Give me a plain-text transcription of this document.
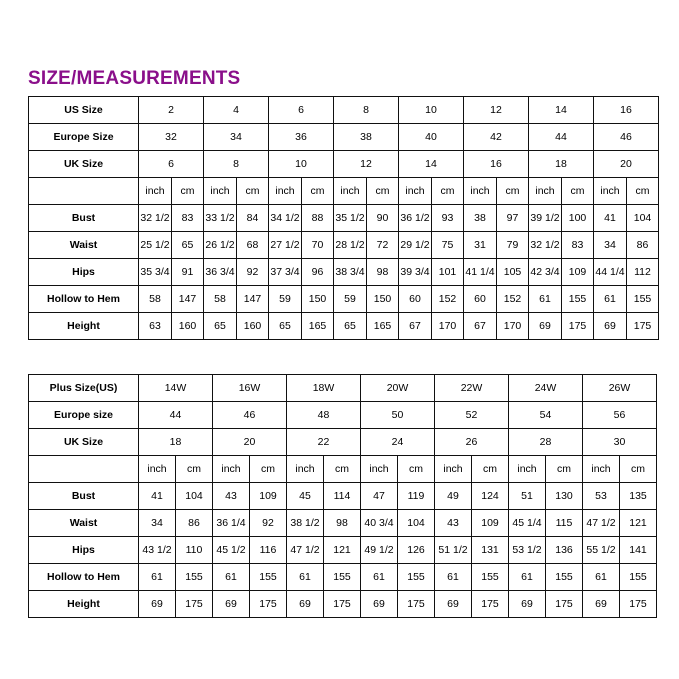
SIZE/MEASUREMENTS
US Size	2		4		6		8		10		12		14		16	
Europe Size	32		34		36		38		40		42		44		46	
UK Size	6		8		10		12		14		16		18		20	
	inch	cm	inch	cm	inch	cm	inch	cm	inch	cm	inch	cm	inch	cm	inch	cm
Bust	32 1/2	83	33 1/2	84	34 1/2	88	35 1/2	90	36 1/2	93	38	97	39 1/2	100	41	104
Waist	25 1/2	65	26 1/2	68	27 1/2	70	28 1/2	72	29 1/2	75	31	79	32 1/2	83	34	86
Hips	35 3/4	91	36 3/4	92	37 3/4	96	38 3/4	98	39 3/4	101	41 1/4	105	42 3/4	109	44 1/4	112
Hollow to Hem	58	147	58	147	59	150	59	150	60	152	60	152	61	155	61	155
Height	63	160	65	160	65	165	65	165	67	170	67	170	69	175	69	175
Plus Size(US)	14W		16W		18W		20W		22W		24W		26W	
Europe size	44		46		48		50		52		54		56	
UK Size	18		20		22		24		26		28		30	
	inch	cm	inch	cm	inch	cm	inch	cm	inch	cm	inch	cm	inch	cm
Bust	41	104	43	109	45	114	47	119	49	124	51	130	53	135
Waist	34	86	36 1/4	92	38 1/2	98	40 3/4	104	43	109	45 1/4	115	47 1/2	121
Hips	43 1/2	110	45 1/2	116	47 1/2	121	49 1/2	126	51 1/2	131	53 1/2	136	55 1/2	141
Hollow to Hem	61	155	61	155	61	155	61	155	61	155	61	155	61	155
Height	69	175	69	175	69	175	69	175	69	175	69	175	69	175
